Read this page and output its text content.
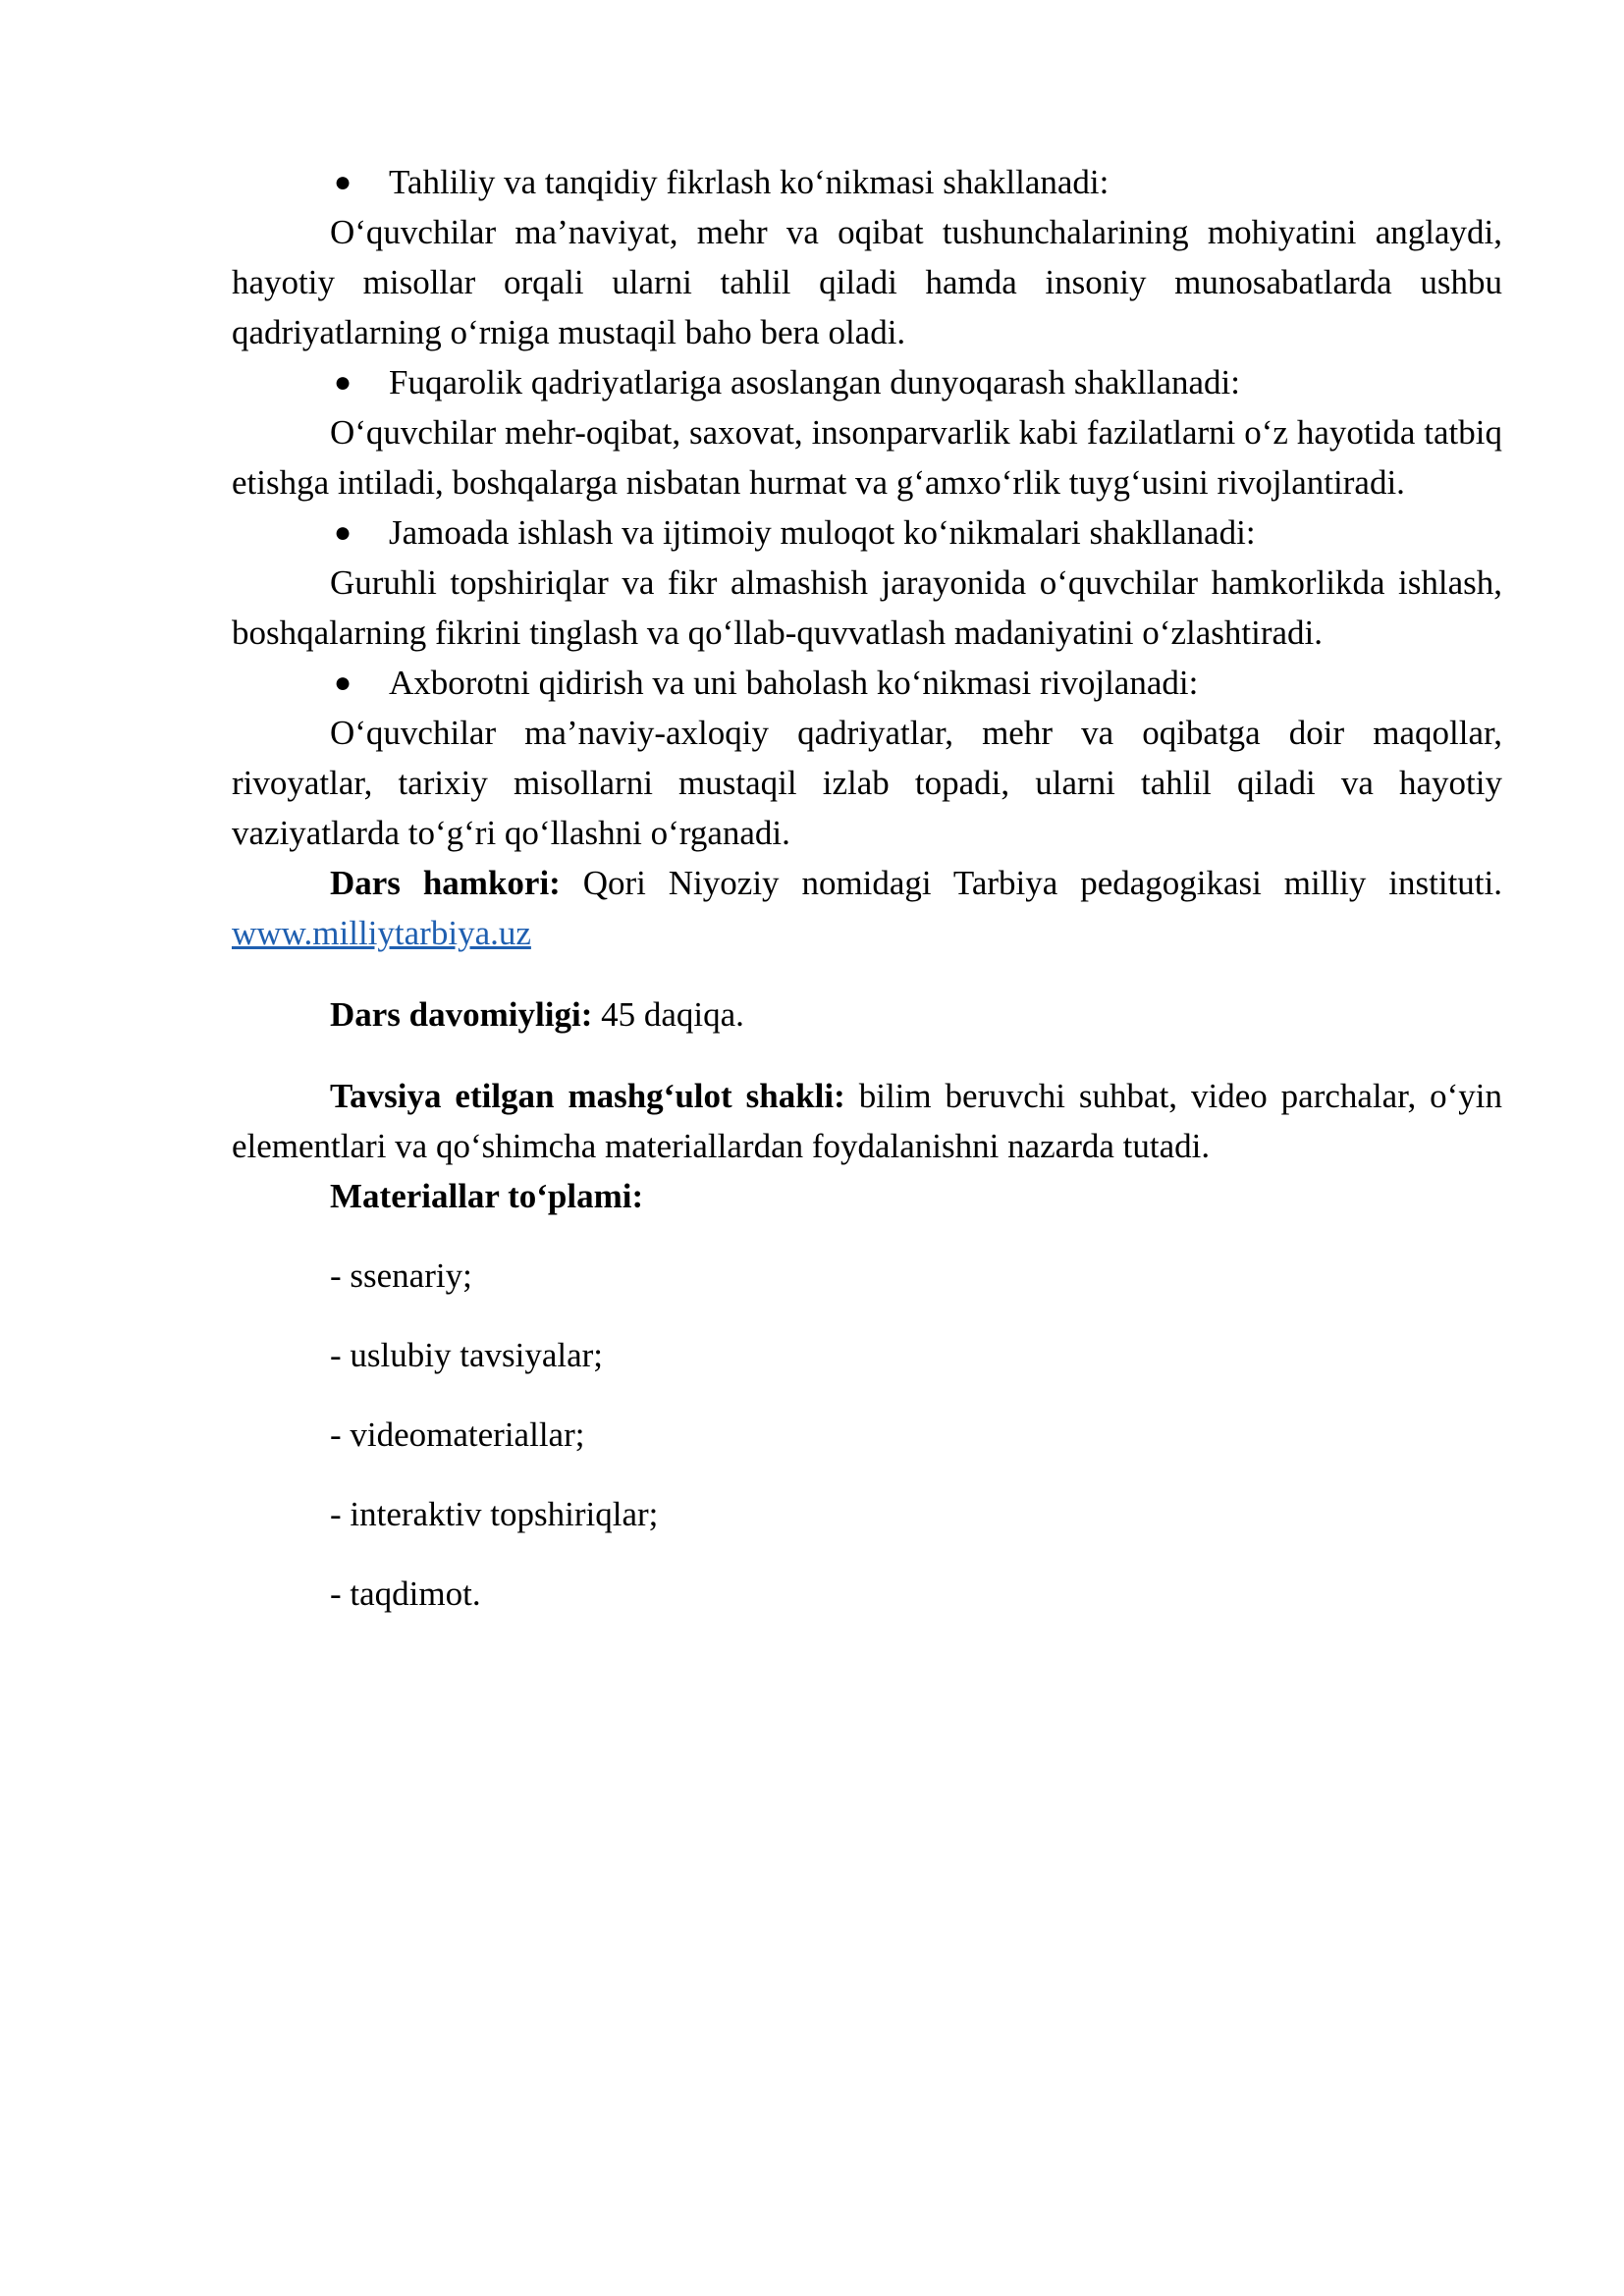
● Tahliliy va tanqidiy fikrlash ko‘nikmasi shakllanadi:

O‘quvchilar ma’naviyat, mehr va oqibat tushunchalarining mohiyatini anglaydi, hayotiy misollar orqali ularni tahlil qiladi hamda insoniy munosabatlarda ushbu qadriyatlarning o‘rniga mustaqil baho bera oladi.

● Fuqarolik qadriyatlariga asoslangan dunyoqarash shakllanadi:

O‘quvchilar mehr-oqibat, saxovat, insonparvarlik kabi fazilatlarni o‘z hayotida tatbiq etishga intiladi, boshqalarga nisbatan hurmat va g‘amxo‘rlik tuyg‘usini rivojlantiradi.

● Jamoada ishlash va ijtimoiy muloqot ko‘nikmalari shakllanadi:

Guruhli topshiriqlar va fikr almashish jarayonida o‘quvchilar hamkorlikda ishlash, boshqalarning fikrini tinglash va qo‘llab-quvvatlash madaniyatini o‘zlashtiradi.

● Axborotni qidirish va uni baholash ko‘nikmasi rivojlanadi:

O‘quvchilar ma’naviy-axloqiy qadriyatlar, mehr va oqibatga doir maqollar, rivoyatlar, tarixiy misollarni mustaqil izlab topadi, ularni tahlil qiladi va hayotiy vaziyatlarda to‘g‘ri qo‘llashni o‘rganadi.

Dars hamkori: Qori Niyoziy nomidagi Tarbiya pedagogikasi milliy instituti. www.milliytarbiya.uz

Dars davomiyligi: 45 daqiqa.

Tavsiya etilgan mashg‘ulot shakli: bilim beruvchi suhbat, video parchalar, o‘yin elementlari va qo‘shimcha materiallardan foydalanishni nazarda tutadi.

Materiallar to‘plami:

- ssenariy;

- uslubiy tavsiyalar;

- videomateriallar;

- interaktiv topshiriqlar;

- taqdimot.
